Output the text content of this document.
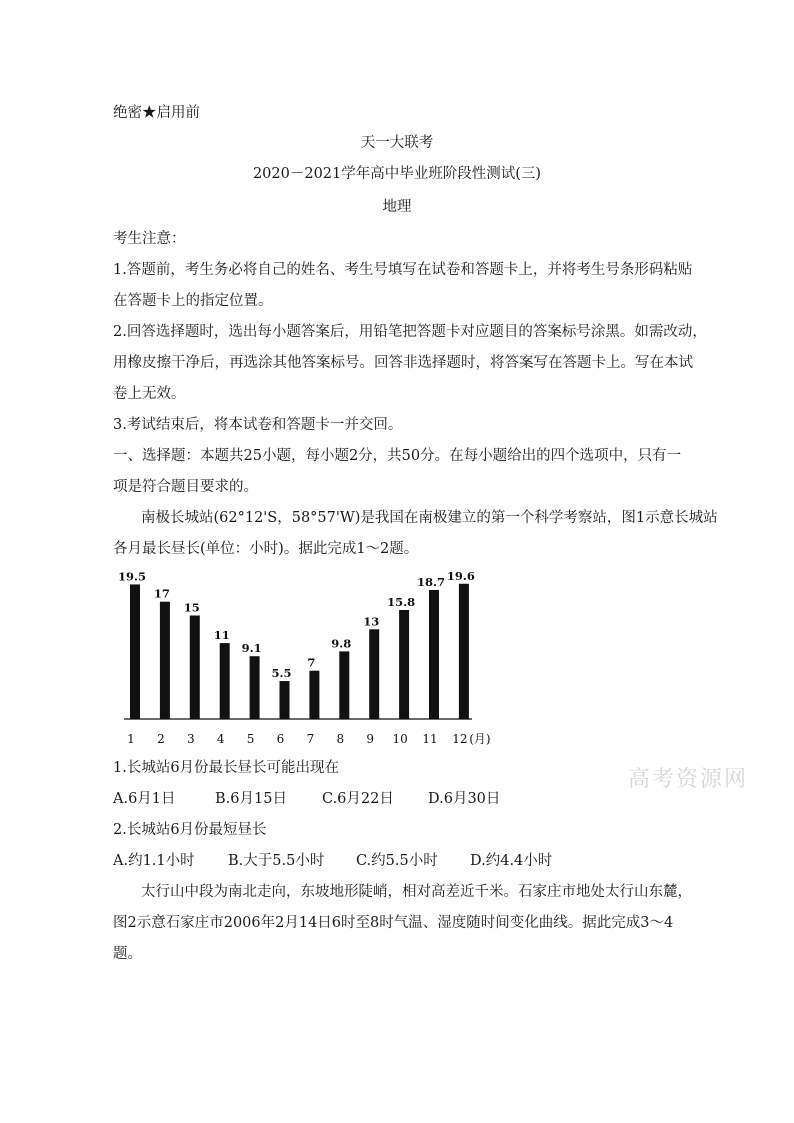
绝密★启用前
天一大联考
2020－2021学年高中毕业班阶段性测试(三)
地理
考生注意：
1.答题前，考生务必将自己的姓名、考生号填写在试卷和答题卡上，并将考生号条形码粘贴
在答题卡上的指定位置。
2.回答选择题时，选出每小题答案后，用铅笔把答题卡对应题目的答案标号涂黑。如需改动，
用橡皮擦干净后，再选涂其他答案标号。回答非选择题时，将答案写在答题卡上。写在本试
卷上无效。
3.考试结束后，将本试卷和答题卡一并交回。
一、选择题：本题共25小题，每小题2分，共50分。在每小题给出的四个选项中，只有一
项是符合题目要求的。
南极长城站(62°12'S，58°57'W)是我国在南极建立的第一个科学考察站，图1示意长城站
各月最长昼长(单位：小时)。据此完成1～2题。
19.5
1
17
2
15
3
11
4
9.1
5
5.5
6
7
7
9.8
8
13
9
15.8
10
18.7
11
19.6
12 (月)
1.长城站6月份最长昼长可能出现在
A.6月1日	B.6月15日 C.6月22日 D.6月30日
2.长城站6月份最短昼长
A.约1.1小时 B.大于5.5小时 C.约5.5小时 D.约4.4小时
太行山中段为南北走向，东坡地形陡峭，相对高差近千米。石家庄市地处太行山东麓，
图2示意石家庄市2006年2月14日6时至8时气温、湿度随时间变化曲线。据此完成3～4
题。
高考资源网
